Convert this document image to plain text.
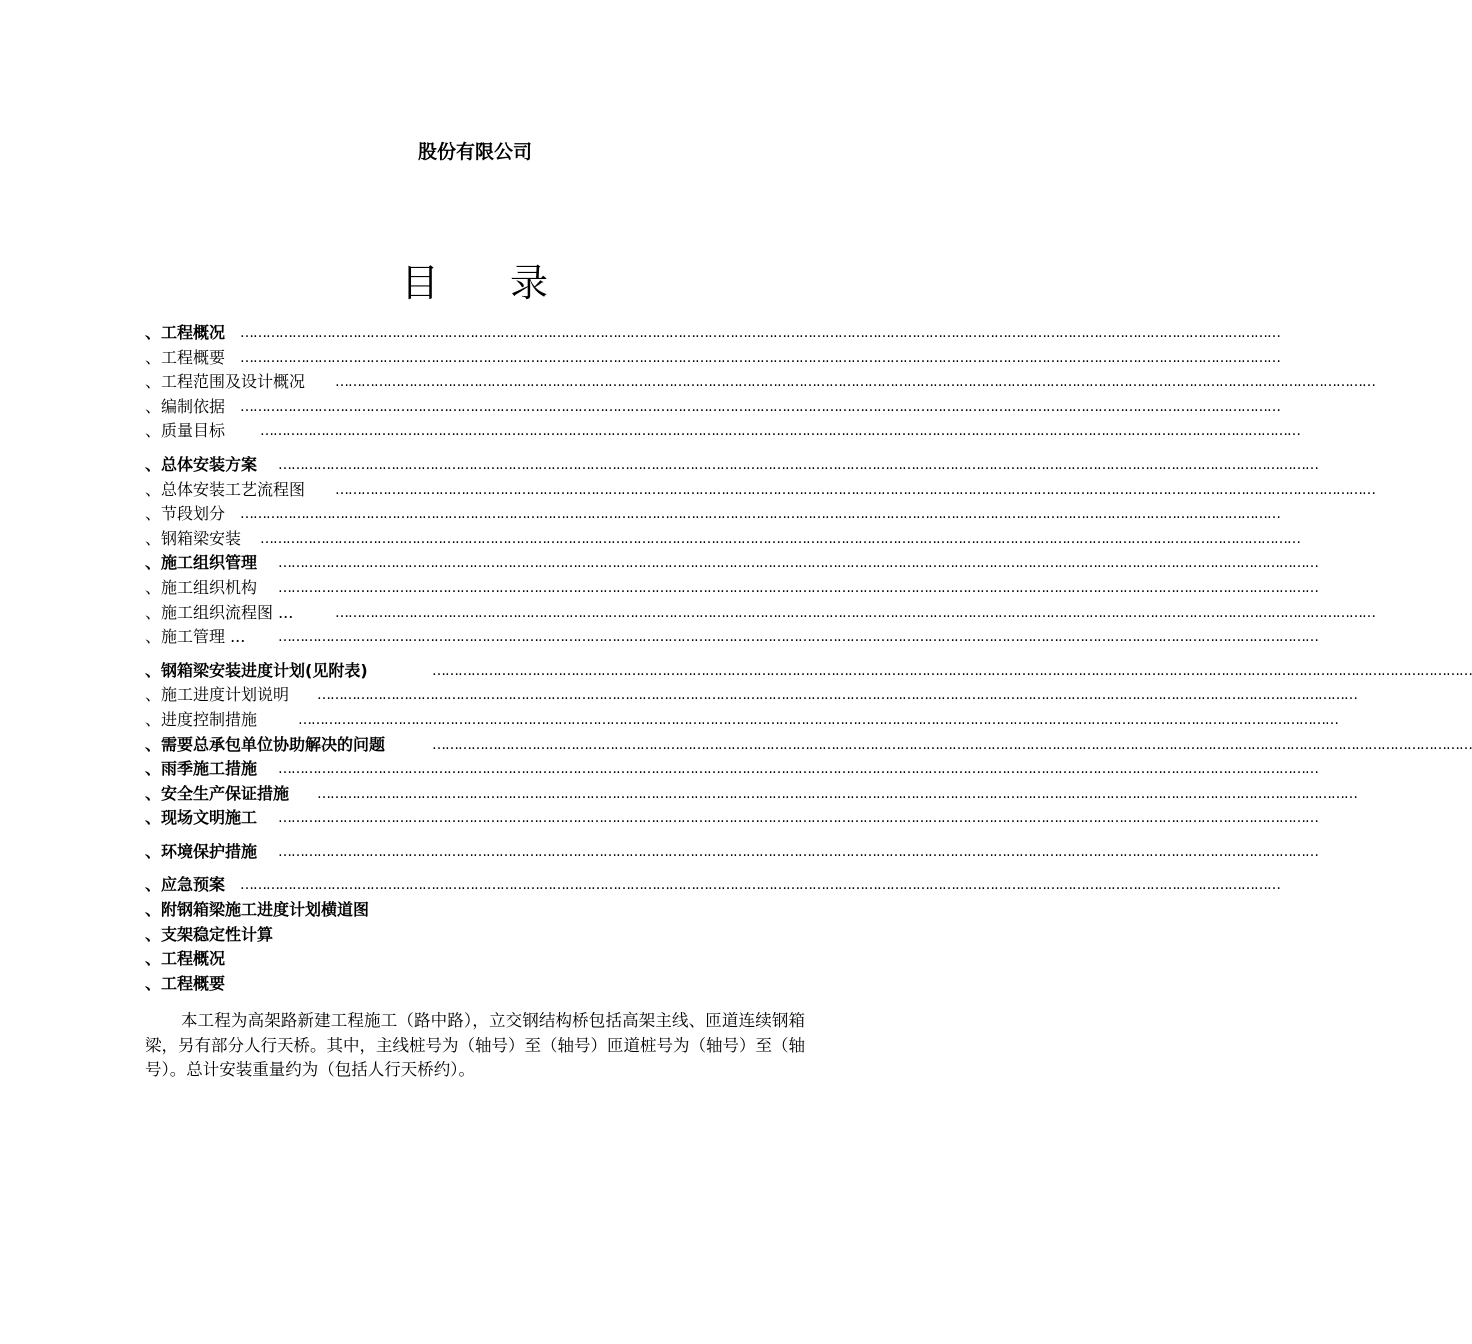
股份有限公司
目 录
、工程概况 ……………………………………………………………………………………………………………………………………………………………………………………………………………………
、工程概要 ……………………………………………………………………………………………………………………………………………………………………………………………………………………
、工程范围及设计概况 ……………………………………………………………………………………………………………………………………………………………………………………………………………………
、编制依据 ……………………………………………………………………………………………………………………………………………………………………………………………………………………
、质量目标 ……………………………………………………………………………………………………………………………………………………………………………………………………………………
、总体安装方案 ……………………………………………………………………………………………………………………………………………………………………………………………………………………
、总体安装工艺流程图 ……………………………………………………………………………………………………………………………………………………………………………………………………………………
、节段划分 ……………………………………………………………………………………………………………………………………………………………………………………………………………………
、钢箱梁安装 ……………………………………………………………………………………………………………………………………………………………………………………………………………………
、施工组织管理 ……………………………………………………………………………………………………………………………………………………………………………………………………………………
、施工组织机构 ……………………………………………………………………………………………………………………………………………………………………………………………………………………
、施工组织流程图 ...	……………………………………………………………………………………………………………………………………………………………………………………………………………………
、施工管理 ... ……………………………………………………………………………………………………………………………………………………………………………………………………………………
、钢箱梁安装进度计划(见附表)	……………………………………………………………………………………………………………………………………………………………………………………………………………………
、施工进度计划说明 ……………………………………………………………………………………………………………………………………………………………………………………………………………………
、进度控制措施	……………………………………………………………………………………………………………………………………………………………………………………………………………………
、需要总承包单位协助解决的问题	……………………………………………………………………………………………………………………………………………………………………………………………………………………
、雨季施工措施 ……………………………………………………………………………………………………………………………………………………………………………………………………………………
、安全生产保证措施 ……………………………………………………………………………………………………………………………………………………………………………………………………………………
、现场文明施工 ……………………………………………………………………………………………………………………………………………………………………………………………………………………
、环境保护措施 ……………………………………………………………………………………………………………………………………………………………………………………………………………………
、应急预案 ……………………………………………………………………………………………………………………………………………………………………………………………………………………
、附钢箱梁施工进度计划横道图
、支架稳定性计算
、工程概况
、工程概要

本工程为高架路新建工程施工（路中路），立交钢结构桥包括高架主线、匝道连续钢箱梁，另有部分人行天桥。其中，主线桩号为（轴号）至（轴号）匝道桩号为（轴号）至（轴号）。总计安装重量约为（包括人行天桥约）。
